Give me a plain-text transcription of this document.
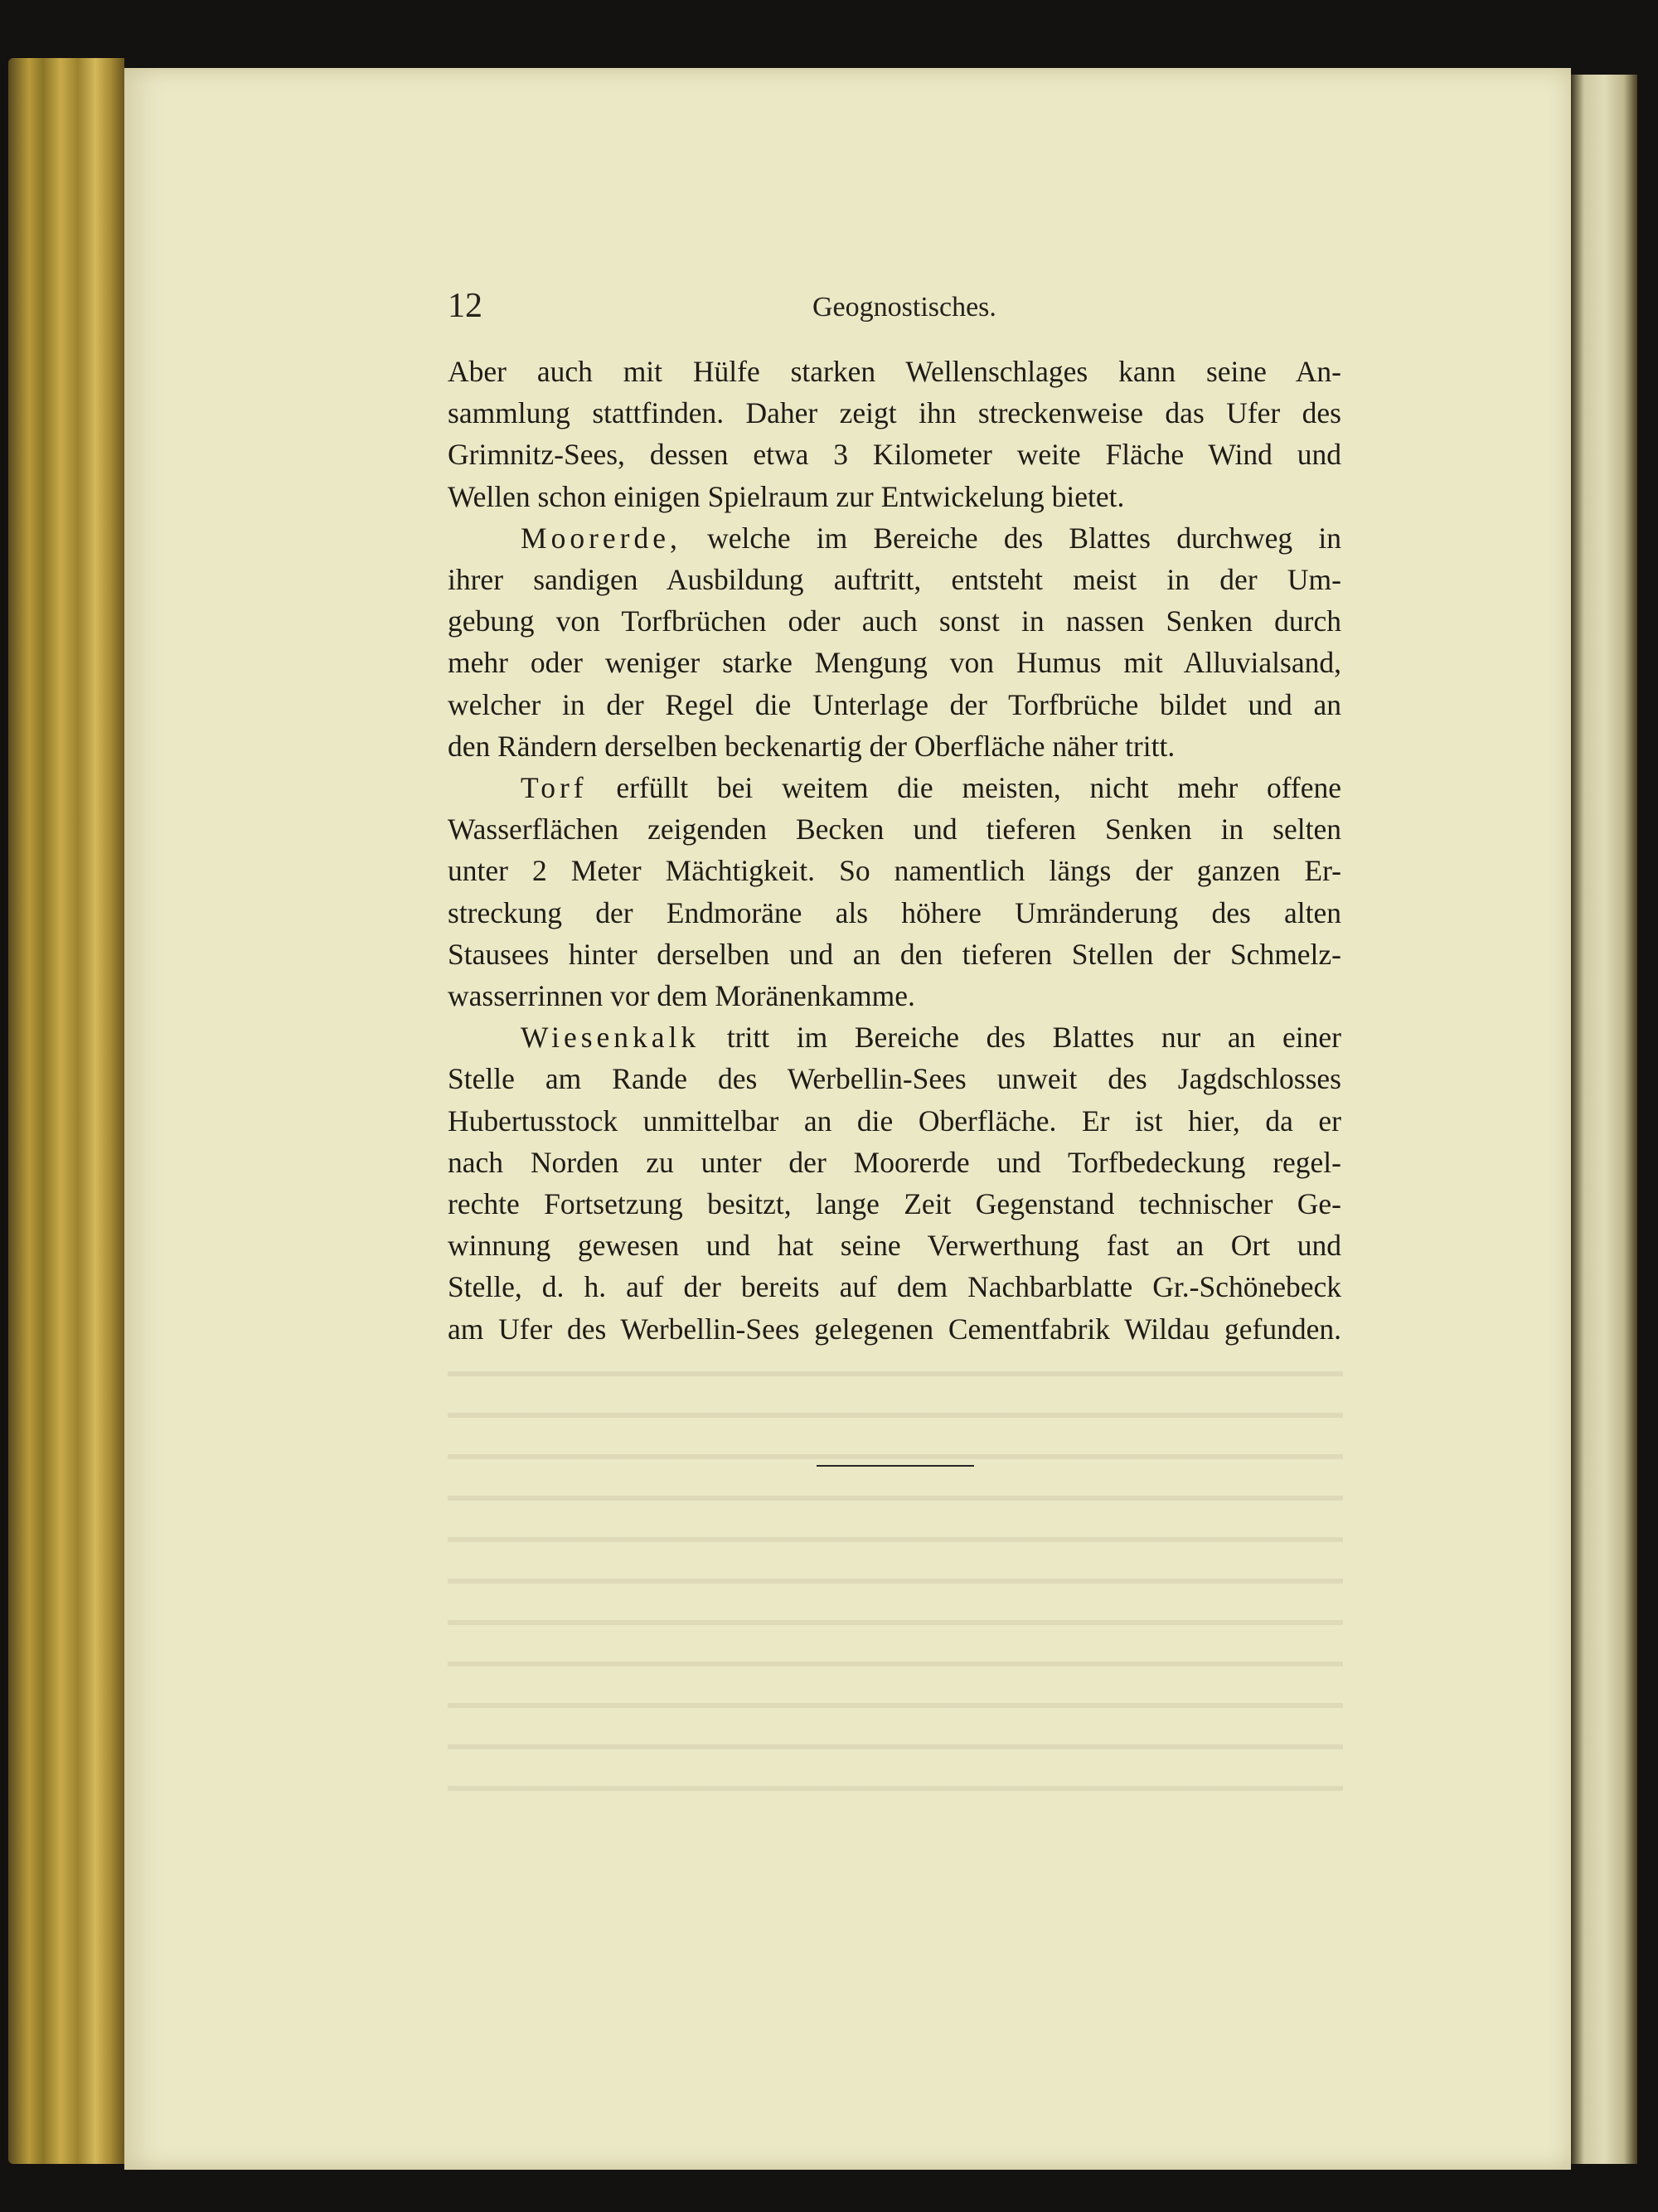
12	Geognostisches.

Aber auch mit Hülfe starken Wellenschlages kann seine An-
sammlung stattfinden. Daher zeigt ihn streckenweise das Ufer des
Grimnitz-Sees, dessen etwa 3 Kilometer weite Fläche Wind und
Wellen schon einigen Spielraum zur Entwickelung bietet.

Moorerde, welche im Bereiche des Blattes durchweg in
ihrer sandigen Ausbildung auftritt, entsteht meist in der Um-
gebung von Torfbrüchen oder auch sonst in nassen Senken durch
mehr oder weniger starke Mengung von Humus mit Alluvialsand,
welcher in der Regel die Unterlage der Torfbrüche bildet und an
den Rändern derselben beckenartig der Oberfläche näher tritt.

Torf erfüllt bei weitem die meisten, nicht mehr offene
Wasserflächen zeigenden Becken und tieferen Senken in selten
unter 2 Meter Mächtigkeit. So namentlich längs der ganzen Er-
streckung der Endmoräne als höhere Umränderung des alten
Stausees hinter derselben und an den tieferen Stellen der Schmelz-
wasserrinnen vor dem Moränenkamme.

Wiesenkalk tritt im Bereiche des Blattes nur an einer
Stelle am Rande des Werbellin-Sees unweit des Jagdschlosses
Hubertusstock unmittelbar an die Oberfläche. Er ist hier, da er
nach Norden zu unter der Moorerde und Torfbedeckung regel-
rechte Fortsetzung besitzt, lange Zeit Gegenstand technischer Ge-
winnung gewesen und hat seine Verwerthung fast an Ort und
Stelle, d. h. auf der bereits auf dem Nachbarblatte Gr.-Schönebeck
am Ufer des Werbellin-Sees gelegenen Cementfabrik Wildau gefunden.
